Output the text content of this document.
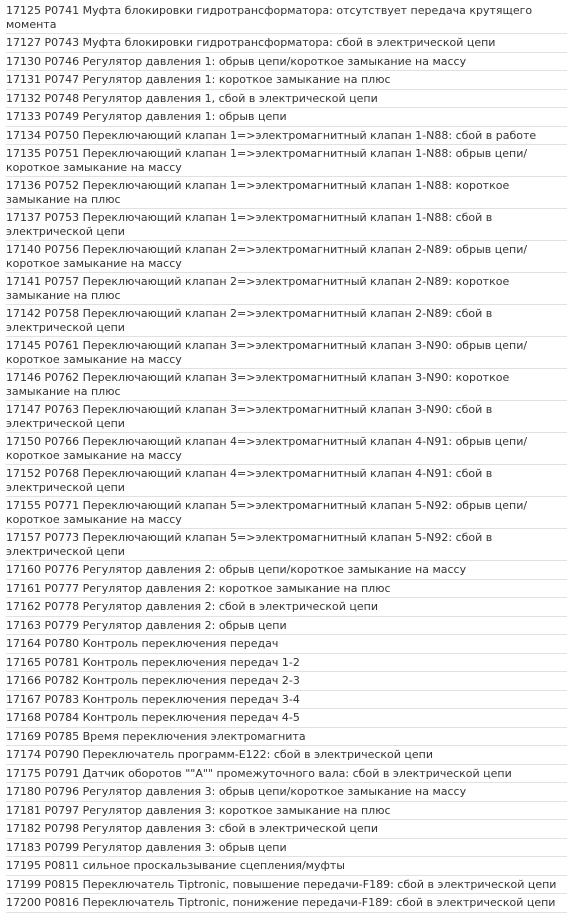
17125 P0741 Муфта блокировки гидротрансформатора: отсутствует передача крутящего момента
17127 P0743 Муфта блокировки гидротрансформатора: сбой в электрической цепи
17130 P0746 Регулятор давления 1: обрыв цепи/короткое замыкание на массу
17131 P0747 Регулятор давления 1: короткое замыкание на плюс
17132 P0748 Регулятор давления 1, сбой в электрической цепи
17133 P0749 Регулятор давления 1: обрыв цепи
17134 P0750 Переключающий клапан 1=>электромагнитный клапан 1-N88: сбой в работе
17135 P0751 Переключающий клапан 1=>электромагнитный клапан 1-N88: обрыв цепи/ короткое замыкание на массу
17136 P0752 Переключающий клапан 1=>электромагнитный клапан 1-N88: короткое замыкание на плюс
17137 P0753 Переключающий клапан 1=>электромагнитный клапан 1-N88: сбой в электрической цепи
17140 P0756 Переключающий клапан 2=>электромагнитный клапан 2-N89: обрыв цепи/ короткое замыкание на массу
17141 P0757 Переключающий клапан 2=>электромагнитный клапан 2-N89: короткое замыкание на плюс
17142 P0758 Переключающий клапан 2=>электромагнитный клапан 2-N89: сбой в электрической цепи
17145 P0761 Переключающий клапан 3=>электромагнитный клапан 3-N90: обрыв цепи/ короткое замыкание на массу
17146 P0762 Переключающий клапан 3=>электромагнитный клапан 3-N90: короткое замыкание на плюс
17147 P0763 Переключающий клапан 3=>электромагнитный клапан 3-N90: сбой в электрической цепи
17150 P0766 Переключающий клапан 4=>электромагнитный клапан 4-N91: обрыв цепи/ короткое замыкание на массу
17152 P0768 Переключающий клапан 4=>электромагнитный клапан 4-N91: сбой в электрической цепи
17155 P0771 Переключающий клапан 5=>электромагнитный клапан 5-N92: обрыв цепи/ короткое замыкание на массу
17157 P0773 Переключающий клапан 5=>электромагнитный клапан 5-N92: сбой в электрической цепи
17160 P0776 Регулятор давления 2: обрыв цепи/короткое замыкание на массу
17161 P0777 Регулятор давления 2: короткое замыкание на плюс
17162 P0778 Регулятор давления 2: сбой в электрической цепи
17163 P0779 Регулятор давления 2: обрыв цепи
17164 P0780 Контроль переключения передач
17165 P0781 Контроль переключения передач 1-2
17166 P0782 Контроль переключения передач 2-3
17167 P0783 Контроль переключения передач 3-4
17168 P0784 Контроль переключения передач 4-5
17169 P0785 Время переключения электромагнита
17174 P0790 Переключатель программ-E122: сбой в электрической цепи
17175 P0791 Датчик оборотов ""A"" промежуточного вала: сбой в электрической цепи
17180 P0796 Регулятор давления 3: обрыв цепи/короткое замыкание на массу
17181 P0797 Регулятор давления 3: короткое замыкание на плюс
17182 P0798 Регулятор давления 3: сбой в электрической цепи
17183 P0799 Регулятор давления 3: обрыв цепи
17195 P0811 сильное проскальзывание сцепления/муфты
17199 P0815 Переключатель Tiptronic, повышение передачи-F189: сбой в электрической цепи
17200 P0816 Переключатель Tiptronic, понижение передачи-F189: сбой в электрической цепи
